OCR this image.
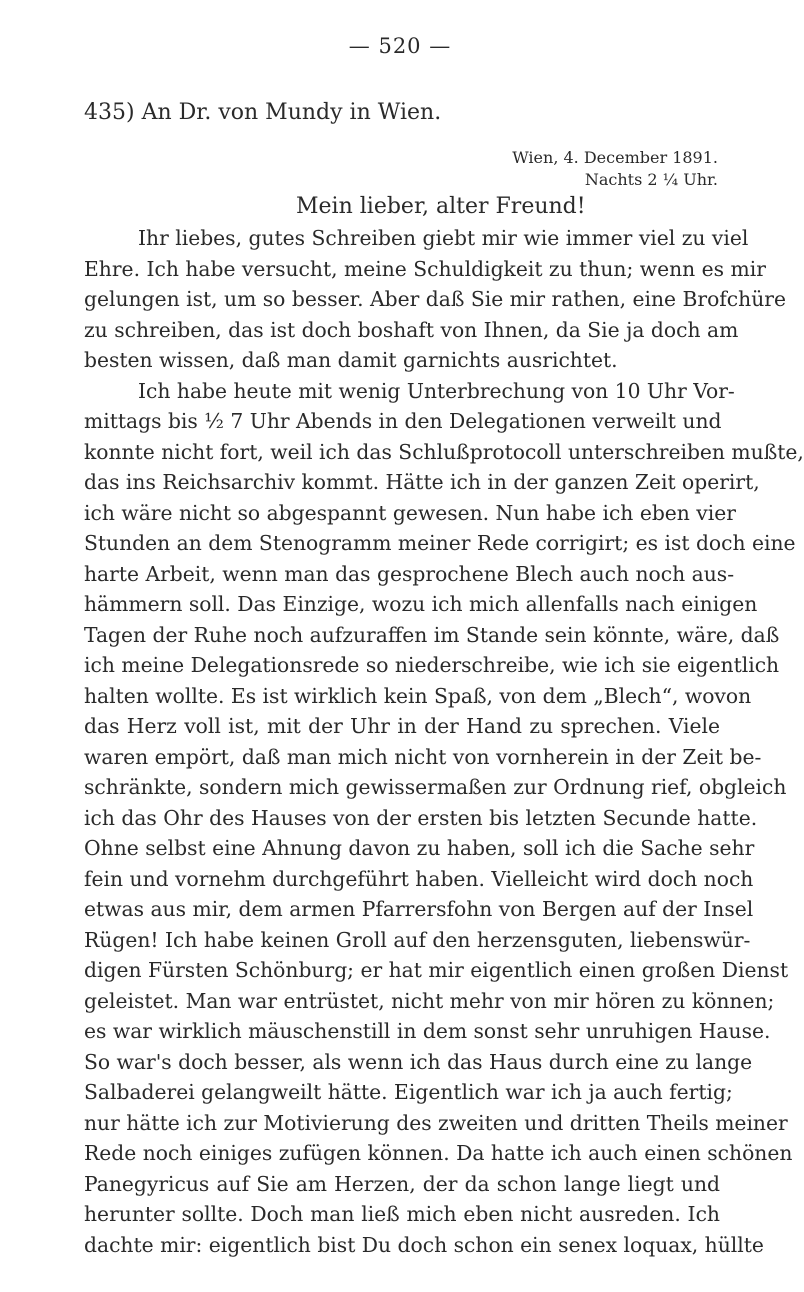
— 520 —
435) An Dr. von Mundy in Wien.
Wien, 4. December 1891.
Nachts 2 ¼ Uhr.
Mein lieber, alter Freund!
Ihr liebes, gutes Schreiben giebt mir wie immer viel zu viel
Ehre. Ich habe versucht, meine Schuldigkeit zu thun; wenn es mir
gelungen ist, um so besser. Aber daß Sie mir rathen, eine Brofchüre
zu schreiben, das ist doch boshaft von Ihnen, da Sie ja doch am
besten wissen, daß man damit garnichts ausrichtet.
Ich habe heute mit wenig Unterbrechung von 10 Uhr Vor-
mittags bis ½ 7 Uhr Abends in den Delegationen verweilt und
konnte nicht fort, weil ich das Schlußprotocoll unterschreiben mußte,
das ins Reichsarchiv kommt. Hätte ich in der ganzen Zeit operirt,
ich wäre nicht so abgespannt gewesen. Nun habe ich eben vier
Stunden an dem Stenogramm meiner Rede corrigirt; es ist doch eine
harte Arbeit, wenn man das gesprochene Blech auch noch aus-
hämmern soll. Das Einzige, wozu ich mich allenfalls nach einigen
Tagen der Ruhe noch aufzuraffen im Stande sein könnte, wäre, daß
ich meine Delegationsrede so niederschreibe, wie ich sie eigentlich
halten wollte. Es ist wirklich kein Spaß, von dem „Blech“, wovon
das Herz voll ist, mit der Uhr in der Hand zu sprechen. Viele
waren empört, daß man mich nicht von vornherein in der Zeit be-
schränkte, sondern mich gewissermaßen zur Ordnung rief, obgleich
ich das Ohr des Hauses von der ersten bis letzten Secunde hatte.
Ohne selbst eine Ahnung davon zu haben, soll ich die Sache sehr
fein und vornehm durchgeführt haben. Vielleicht wird doch noch
etwas aus mir, dem armen Pfarrersfohn von Bergen auf der Insel
Rügen! Ich habe keinen Groll auf den herzensguten, liebenswür-
digen Fürsten Schönburg; er hat mir eigentlich einen großen Dienst
geleistet. Man war entrüstet, nicht mehr von mir hören zu können;
es war wirklich mäuschenstill in dem sonst sehr unruhigen Hause.
So war's doch besser, als wenn ich das Haus durch eine zu lange
Salbaderei gelangweilt hätte. Eigentlich war ich ja auch fertig;
nur hätte ich zur Motivierung des zweiten und dritten Theils meiner
Rede noch einiges zufügen können. Da hatte ich auch einen schönen
Panegyricus auf Sie am Herzen, der da schon lange liegt und
herunter sollte. Doch man ließ mich eben nicht ausreden. Ich
dachte mir: eigentlich bist Du doch schon ein senex loquax, hüllte
